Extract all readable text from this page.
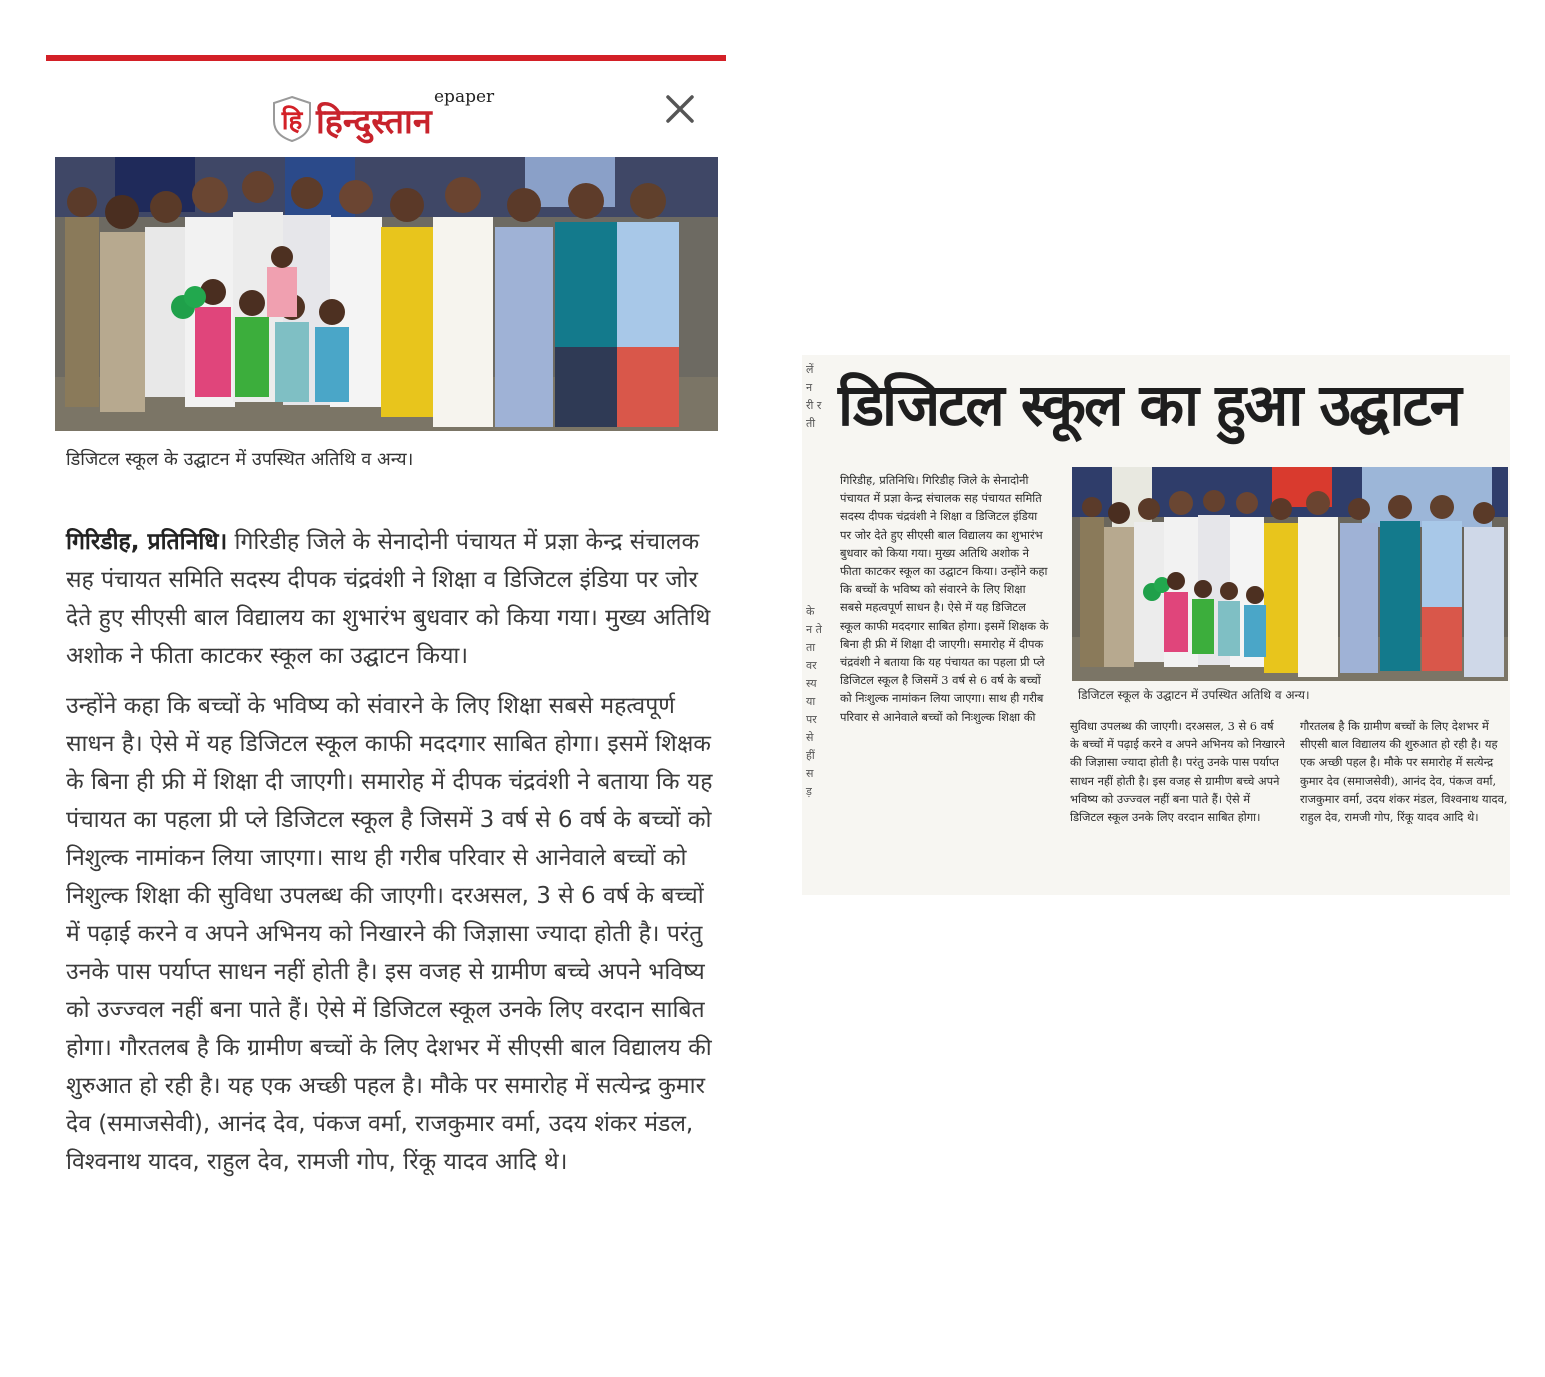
हि
epaper
हिन्दुस्तान
डिजिटल स्कूल के उद्घाटन में उपस्थित अतिथि व अन्य।

गिरिडीह, प्रतिनिधि। गिरिडीह जिले के सेनादोनी पंचायत में प्रज्ञा केन्द्र संचालक सह पंचायत समिति सदस्य दीपक चंद्रवंशी ने शिक्षा व डिजिटल इंडिया पर जोर देते हुए सीएसी बाल विद्यालय का शुभारंभ बुधवार को किया गया। मुख्य अतिथि अशोक ने फीता काटकर स्कूल का उद्घाटन किया।

उन्होंने कहा कि बच्चों के भविष्य को संवारने के लिए शिक्षा सबसे महत्वपूर्ण साधन है। ऐसे में यह डिजिटल स्कूल काफी मददगार साबित होगा। इसमें शिक्षक के बिना ही फ्री में शिक्षा दी जाएगी। समारोह में दीपक चंद्रवंशी ने बताया कि यह पंचायत का पहला प्री प्ले डिजिटल स्कूल है जिसमें 3 वर्ष से 6 वर्ष के बच्चों को निशुल्क नामांकन लिया जाएगा। साथ ही गरीब परिवार से आनेवाले बच्चों को निशुल्क शिक्षा की सुविधा उपलब्ध की जाएगी। दरअसल, 3 से 6 वर्ष के बच्चों में पढ़ाई करने व अपने अभिनय को निखारने की जिज्ञासा ज्यादा होती है। परंतु उनके पास पर्याप्त साधन नहीं होती है। इस वजह से ग्रामीण बच्चे अपने भविष्य को उज्ज्वल नहीं बना पाते हैं। ऐसे में डिजिटल स्कूल उनके लिए वरदान साबित होगा। गौरतलब है कि ग्रामीण बच्चों के लिए देशभर में सीएसी बाल विद्यालय की शुरुआत हो रही है। यह एक अच्छी पहल है। मौके पर समारोह में सत्येन्द्र कुमार देव (समाजसेवी), आनंद देव, पंकज वर्मा, राजकुमार वर्मा, उदय शंकर मंडल, विश्वनाथ यादव, राहुल देव, रामजी गोप, रिंकू यादव आदि थे।

लें न री र ती
के न ते ता वर स्य या पर से हीं स ड़
डिजिटल स्कूल का हुआ उद्घाटन
गिरिडीह, प्रतिनिधि। गिरिडीह जिले के सेनादोनी पंचायत में प्रज्ञा केन्द्र संचालक सह पंचायत समिति सदस्य दीपक चंद्रवंशी ने शिक्षा व डिजिटल इंडिया पर जोर देते हुए सीएसी बाल विद्यालय का शुभारंभ बुधवार को किया गया। मुख्य अतिथि अशोक ने फीता काटकर स्कूल का उद्घाटन किया। उन्होंने कहा कि बच्चों के भविष्य को संवारने के लिए शिक्षा सबसे महत्वपूर्ण साधन है। ऐसे में यह डिजिटल स्कूल काफी मददगार साबित होगा। इसमें शिक्षक के बिना ही फ्री में शिक्षा दी जाएगी। समारोह में दीपक चंद्रवंशी ने बताया कि यह पंचायत का पहला प्री प्ले डिजिटल स्कूल है जिसमें 3 वर्ष से 6 वर्ष के बच्चों को निःशुल्क नामांकन लिया जाएगा। साथ ही गरीब परिवार से आनेवाले बच्चों को निःशुल्क शिक्षा की
डिजिटल स्कूल के उद्घाटन में उपस्थित अतिथि व अन्य।
सुविधा उपलब्ध की जाएगी। दरअसल, 3 से 6 वर्ष के बच्चों में पढ़ाई करने व अपने अभिनय को निखारने की जिज्ञासा ज्यादा होती है। परंतु उनके पास पर्याप्त साधन नहीं होती है। इस वजह से ग्रामीण बच्चे अपने भविष्य को उज्ज्वल नहीं बना पाते हैं। ऐसे में डिजिटल स्कूल उनके लिए वरदान साबित होगा।
गौरतलब है कि ग्रामीण बच्चों के लिए देशभर में सीएसी बाल विद्यालय की शुरुआत हो रही है। यह एक अच्छी पहल है। मौके पर समारोह में सत्येन्द्र कुमार देव (समाजसेवी), आनंद देव, पंकज वर्मा, राजकुमार वर्मा, उदय शंकर मंडल, विश्वनाथ यादव, राहुल देव, रामजी गोप, रिंकू यादव आदि थे।
